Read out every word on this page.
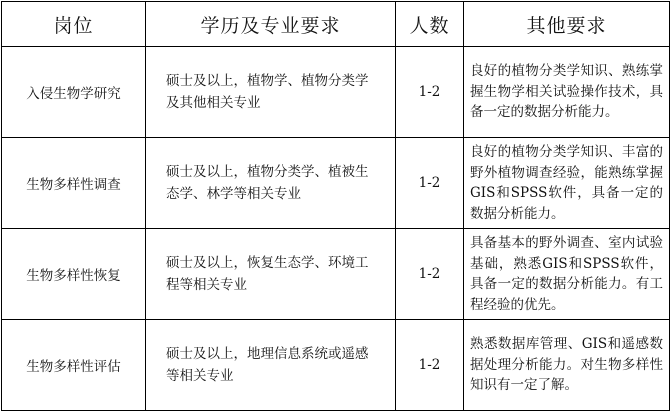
岗位	学历及专业要求	人数	其他要求
入侵生物学研究	硕士及以上，植物学、植物分类学及其他相关专业	1-2	良好的植物分类学知识、熟练掌握生物学相关试验操作技术，具备一定的数据分析能力。
生物多样性调查	硕士及以上，植物分类学、植被生态学、林学等相关专业	1-2	良好的植物分类学知识、丰富的野外植物调查经验，能熟练掌握GIS和SPSS软件，具备一定的数据分析能力。
生物多样性恢复	硕士及以上，恢复生态学、环境工程等相关专业	1-2	具备基本的野外调查、室内试验基础，熟悉GIS和SPSS软件，具备一定的数据分析能力。有工程经验的优先。
生物多样性评估	硕士及以上，地理信息系统或遥感等相关专业	1-2	熟悉数据库管理、GIS和遥感数据处理分析能力。对生物多样性知识有一定了解。
